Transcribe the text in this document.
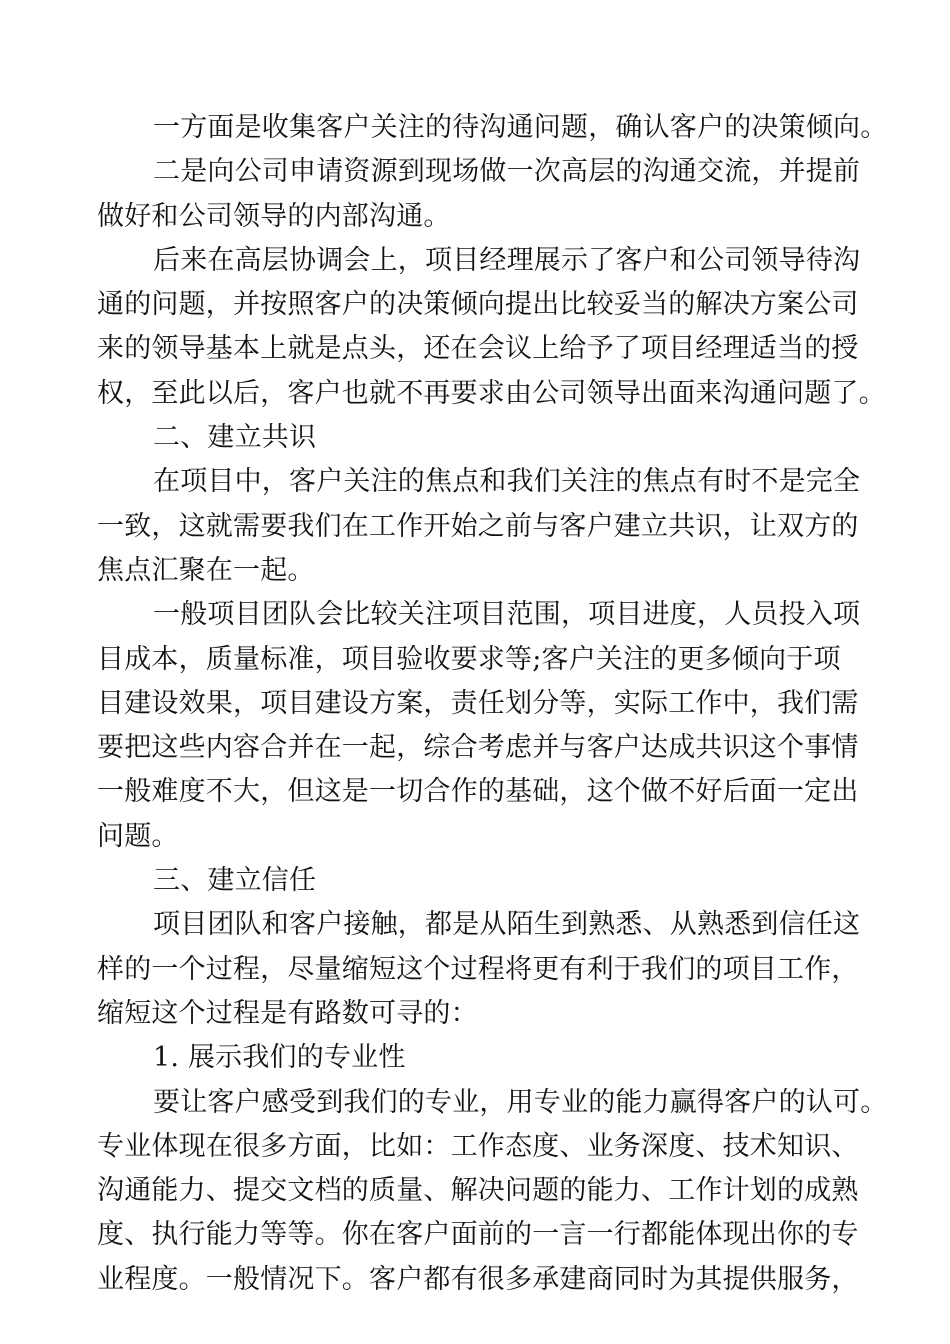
一方面是收集客户关注的待沟通问题，确认客户的决策倾向。
二是向公司申请资源到现场做一次高层的沟通交流，并提前
做好和公司领导的内部沟通。
后来在高层协调会上，项目经理展示了客户和公司领导待沟
通的问题，并按照客户的决策倾向提出比较妥当的解决方案公司
来的领导基本上就是点头，还在会议上给予了项目经理适当的授
权，至此以后，客户也就不再要求由公司领导出面来沟通问题了。
二、建立共识
在项目中，客户关注的焦点和我们关注的焦点有时不是完全
一致，这就需要我们在工作开始之前与客户建立共识，让双方的
焦点汇聚在一起。
一般项目团队会比较关注项目范围，项目进度，人员投入项
目成本，质量标准，项目验收要求等;客户关注的更多倾向于项
目建设效果，项目建设方案，责任划分等，实际工作中，我们需
要把这些内容合并在一起，综合考虑并与客户达成共识这个事情
一般难度不大，但这是一切合作的基础，这个做不好后面一定出
问题。
三、建立信任
项目团队和客户接触，都是从陌生到熟悉、从熟悉到信任这
样的一个过程，尽量缩短这个过程将更有利于我们的项目工作，
缩短这个过程是有路数可寻的：
1. 展示我们的专业性
要让客户感受到我们的专业，用专业的能力赢得客户的认可。
专业体现在很多方面，比如：工作态度、业务深度、技术知识、
沟通能力、提交文档的质量、解决问题的能力、工作计划的成熟
度、执行能力等等。你在客户面前的一言一行都能体现出你的专
业程度。一般情况下。客户都有很多承建商同时为其提供服务，
